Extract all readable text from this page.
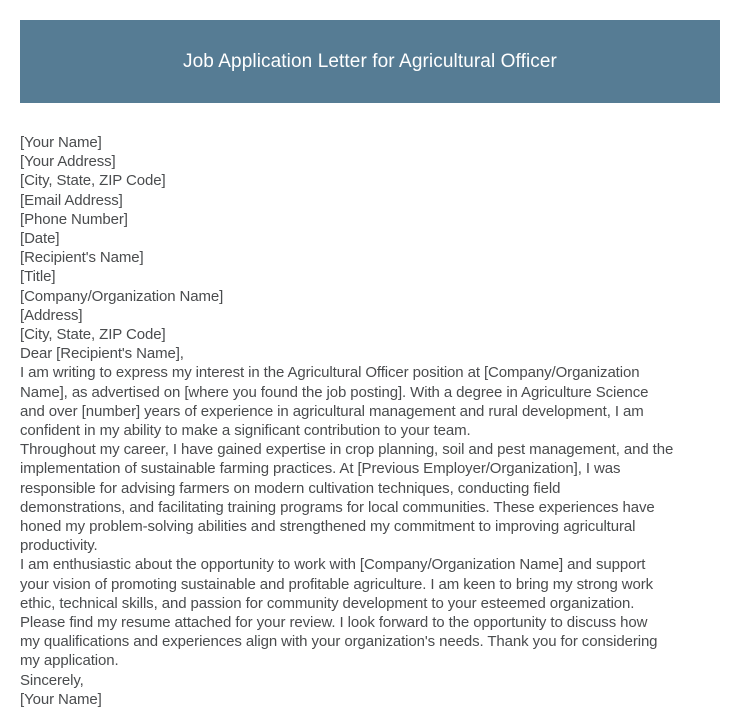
Job Application Letter for Agricultural Officer
[Your Name]
[Your Address]
[City, State, ZIP Code]
[Email Address]
[Phone Number]
[Date]
[Recipient's Name]
[Title]
[Company/Organization Name]
[Address]
[City, State, ZIP Code]
Dear [Recipient's Name],
I am writing to express my interest in the Agricultural Officer position at [Company/Organization
Name], as advertised on [where you found the job posting]. With a degree in Agriculture Science
and over [number] years of experience in agricultural management and rural development, I am
confident in my ability to make a significant contribution to your team.
Throughout my career, I have gained expertise in crop planning, soil and pest management, and the
implementation of sustainable farming practices. At [Previous Employer/Organization], I was
responsible for advising farmers on modern cultivation techniques, conducting field
demonstrations, and facilitating training programs for local communities. These experiences have
honed my problem-solving abilities and strengthened my commitment to improving agricultural
productivity.
I am enthusiastic about the opportunity to work with [Company/Organization Name] and support
your vision of promoting sustainable and profitable agriculture. I am keen to bring my strong work
ethic, technical skills, and passion for community development to your esteemed organization.
Please find my resume attached for your review. I look forward to the opportunity to discuss how
my qualifications and experiences align with your organization's needs. Thank you for considering
my application.
Sincerely,
[Your Name]
